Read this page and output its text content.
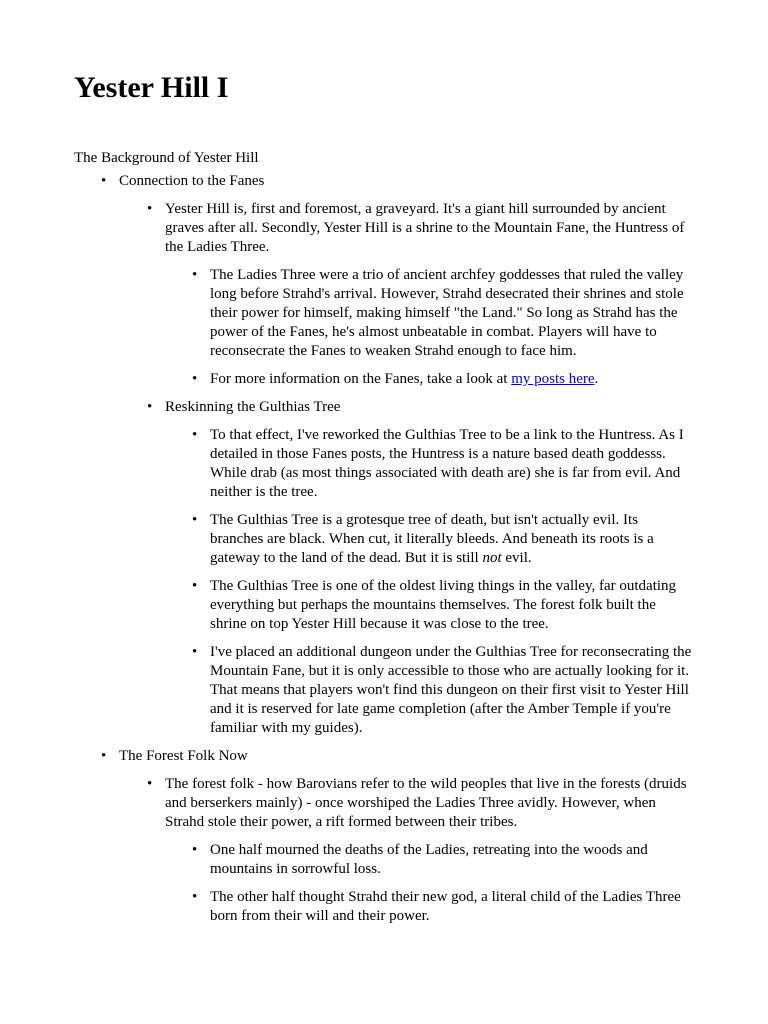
Yester Hill I
The Background of Yester Hill
• Connection to the Fanes
• Yester Hill is, first and foremost, a graveyard. It's a giant hill surrounded by ancient graves after all. Secondly, Yester Hill is a shrine to the Mountain Fane, the Huntress of the Ladies Three.
• The Ladies Three were a trio of ancient archfey goddesses that ruled the valley long before Strahd's arrival. However, Strahd desecrated their shrines and stole their power for himself, making himself "the Land." So long as Strahd has the power of the Fanes, he's almost unbeatable in combat. Players will have to reconsecrate the Fanes to weaken Strahd enough to face him.
• For more information on the Fanes, take a look at my posts here.
• Reskinning the Gulthias Tree
• To that effect, I've reworked the Gulthias Tree to be a link to the Huntress. As I detailed in those Fanes posts, the Huntress is a nature based death goddesss. While drab (as most things associated with death are) she is far from evil. And neither is the tree.
• The Gulthias Tree is a grotesque tree of death, but isn't actually evil. Its branches are black. When cut, it literally bleeds. And beneath its roots is a gateway to the land of the dead. But it is still not evil.
• The Gulthias Tree is one of the oldest living things in the valley, far outdating everything but perhaps the mountains themselves. The forest folk built the shrine on top Yester Hill because it was close to the tree.
• I've placed an additional dungeon under the Gulthias Tree for reconsecrating the Mountain Fane, but it is only accessible to those who are actually looking for it. That means that players won't find this dungeon on their first visit to Yester Hill and it is reserved for late game completion (after the Amber Temple if you're familiar with my guides).
• The Forest Folk Now
• The forest folk - how Barovians refer to the wild peoples that live in the forests (druids and berserkers mainly) - once worshiped the Ladies Three avidly. However, when Strahd stole their power, a rift formed between their tribes.
• One half mourned the deaths of the Ladies, retreating into the woods and mountains in sorrowful loss.
• The other half thought Strahd their new god, a literal child of the Ladies Three born from their will and their power.
